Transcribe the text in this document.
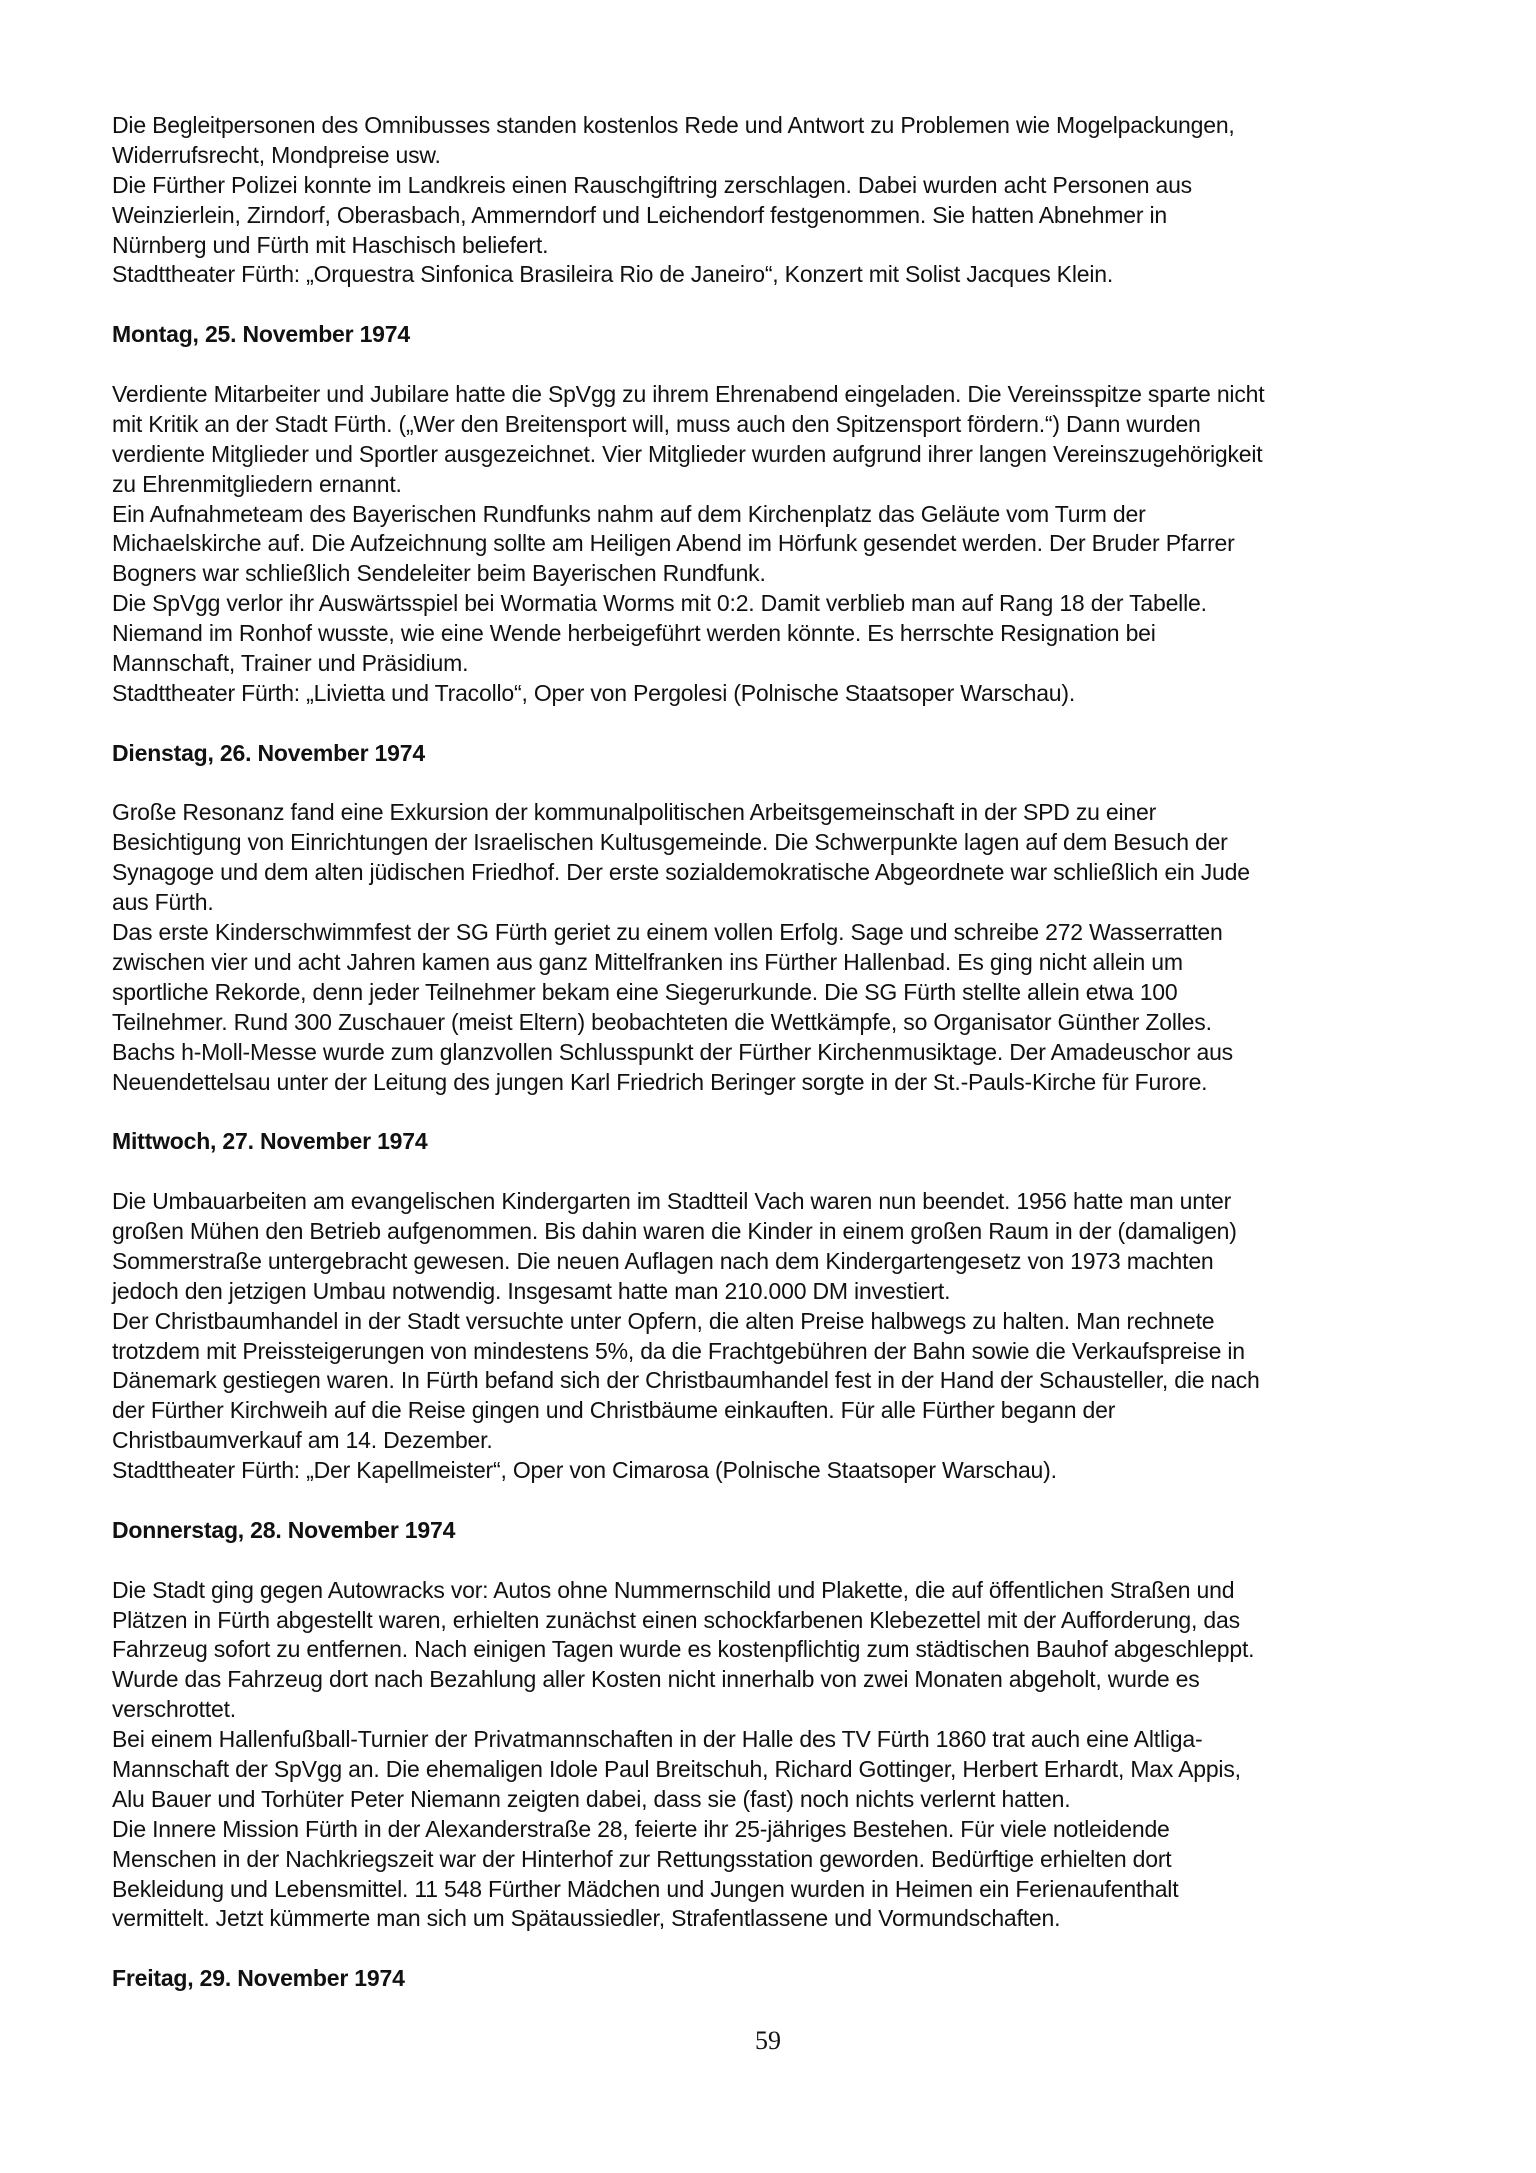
Die Begleitpersonen des Omnibusses standen kostenlos Rede und Antwort zu Problemen wie Mogelpackungen,
Widerrufsrecht, Mondpreise usw.
Die Fürther Polizei konnte im Landkreis einen Rauschgiftring zerschlagen. Dabei wurden acht Personen aus
Weinzierlein, Zirndorf, Oberasbach, Ammerndorf und Leichendorf festgenommen. Sie hatten Abnehmer in
Nürnberg und Fürth mit Haschisch beliefert.
Stadttheater Fürth: „Orquestra Sinfonica Brasileira Rio de Janeiro“, Konzert mit Solist Jacques Klein.
Montag, 25. November 1974
Verdiente Mitarbeiter und Jubilare hatte die SpVgg zu ihrem Ehrenabend eingeladen. Die Vereinsspitze sparte nicht
mit Kritik an der Stadt Fürth. („Wer den Breitensport will, muss auch den Spitzensport fördern.“) Dann wurden
verdiente Mitglieder und Sportler ausgezeichnet. Vier Mitglieder wurden aufgrund ihrer langen Vereinszugehörigkeit
zu Ehrenmitgliedern ernannt.
Ein Aufnahmeteam des Bayerischen Rundfunks nahm auf dem Kirchenplatz das Geläute vom Turm der
Michaelskirche auf. Die Aufzeichnung sollte am Heiligen Abend im Hörfunk gesendet werden. Der Bruder Pfarrer
Bogners war schließlich Sendeleiter beim Bayerischen Rundfunk.
Die SpVgg verlor ihr Auswärtsspiel bei Wormatia Worms mit 0:2. Damit verblieb man auf Rang 18 der Tabelle.
Niemand im Ronhof wusste, wie eine Wende herbeigeführt werden könnte. Es herrschte Resignation bei
Mannschaft, Trainer und Präsidium.
Stadttheater Fürth: „Livietta und Tracollo“, Oper von Pergolesi (Polnische Staatsoper Warschau).
Dienstag, 26. November 1974
Große Resonanz fand eine Exkursion der kommunalpolitischen Arbeitsgemeinschaft in der SPD zu einer
Besichtigung von Einrichtungen der Israelischen Kultusgemeinde. Die Schwerpunkte lagen auf dem Besuch der
Synagoge und dem alten jüdischen Friedhof. Der erste sozialdemokratische Abgeordnete war schließlich ein Jude
aus Fürth.
Das erste Kinderschwimmfest der SG Fürth geriet zu einem vollen Erfolg. Sage und schreibe 272 Wasserratten
zwischen vier und acht Jahren kamen aus ganz Mittelfranken ins Fürther Hallenbad. Es ging nicht allein um
sportliche Rekorde, denn jeder Teilnehmer bekam eine Siegerurkunde. Die SG Fürth stellte allein etwa 100
Teilnehmer. Rund 300 Zuschauer (meist Eltern) beobachteten die Wettkämpfe, so Organisator Günther Zolles.
Bachs h-Moll-Messe wurde zum glanzvollen Schlusspunkt der Fürther Kirchenmusiktage. Der Amadeuschor aus
Neuendettelsau unter der Leitung des jungen Karl Friedrich Beringer sorgte in der St.-Pauls-Kirche für Furore.
Mittwoch, 27. November 1974
Die Umbauarbeiten am evangelischen Kindergarten im Stadtteil Vach waren nun beendet. 1956 hatte man unter
großen Mühen den Betrieb aufgenommen. Bis dahin waren die Kinder in einem großen Raum in der (damaligen)
Sommerstraße untergebracht gewesen. Die neuen Auflagen nach dem Kindergartengesetz von 1973 machten
jedoch den jetzigen Umbau notwendig. Insgesamt hatte man 210.000 DM investiert.
Der Christbaumhandel in der Stadt versuchte unter Opfern, die alten Preise halbwegs zu halten. Man rechnete
trotzdem mit Preissteigerungen von mindestens 5%, da die Frachtgebühren der Bahn sowie die Verkaufspreise in
Dänemark gestiegen waren. In Fürth befand sich der Christbaumhandel fest in der Hand der Schausteller, die nach
der Fürther Kirchweih auf die Reise gingen und Christbäume einkauften. Für alle Fürther begann der
Christbaumverkauf am 14. Dezember.
Stadttheater Fürth: „Der Kapellmeister“, Oper von Cimarosa (Polnische Staatsoper Warschau).
Donnerstag, 28. November 1974
Die Stadt ging gegen Autowracks vor: Autos ohne Nummernschild und Plakette, die auf öffentlichen Straßen und
Plätzen in Fürth abgestellt waren, erhielten zunächst einen schockfarbenen Klebezettel mit der Aufforderung, das
Fahrzeug sofort zu entfernen. Nach einigen Tagen wurde es kostenpflichtig zum städtischen Bauhof abgeschleppt.
Wurde das Fahrzeug dort nach Bezahlung aller Kosten nicht innerhalb von zwei Monaten abgeholt, wurde es
verschrottet.
Bei einem Hallenfußball-Turnier der Privatmannschaften in der Halle des TV Fürth 1860 trat auch eine Altliga-
Mannschaft der SpVgg an. Die ehemaligen Idole Paul Breitschuh, Richard Gottinger, Herbert Erhardt, Max Appis,
Alu Bauer und Torhüter Peter Niemann zeigten dabei, dass sie (fast) noch nichts verlernt hatten.
Die Innere Mission Fürth in der Alexanderstraße 28, feierte ihr 25-jähriges Bestehen. Für viele notleidende
Menschen in der Nachkriegszeit war der Hinterhof zur Rettungsstation geworden. Bedürftige erhielten dort
Bekleidung und Lebensmittel. 11 548 Fürther Mädchen und Jungen wurden in Heimen ein Ferienaufenthalt
vermittelt. Jetzt kümmerte man sich um Spätaussiedler, Strafentlassene und Vormundschaften.
Freitag, 29. November 1974
59
